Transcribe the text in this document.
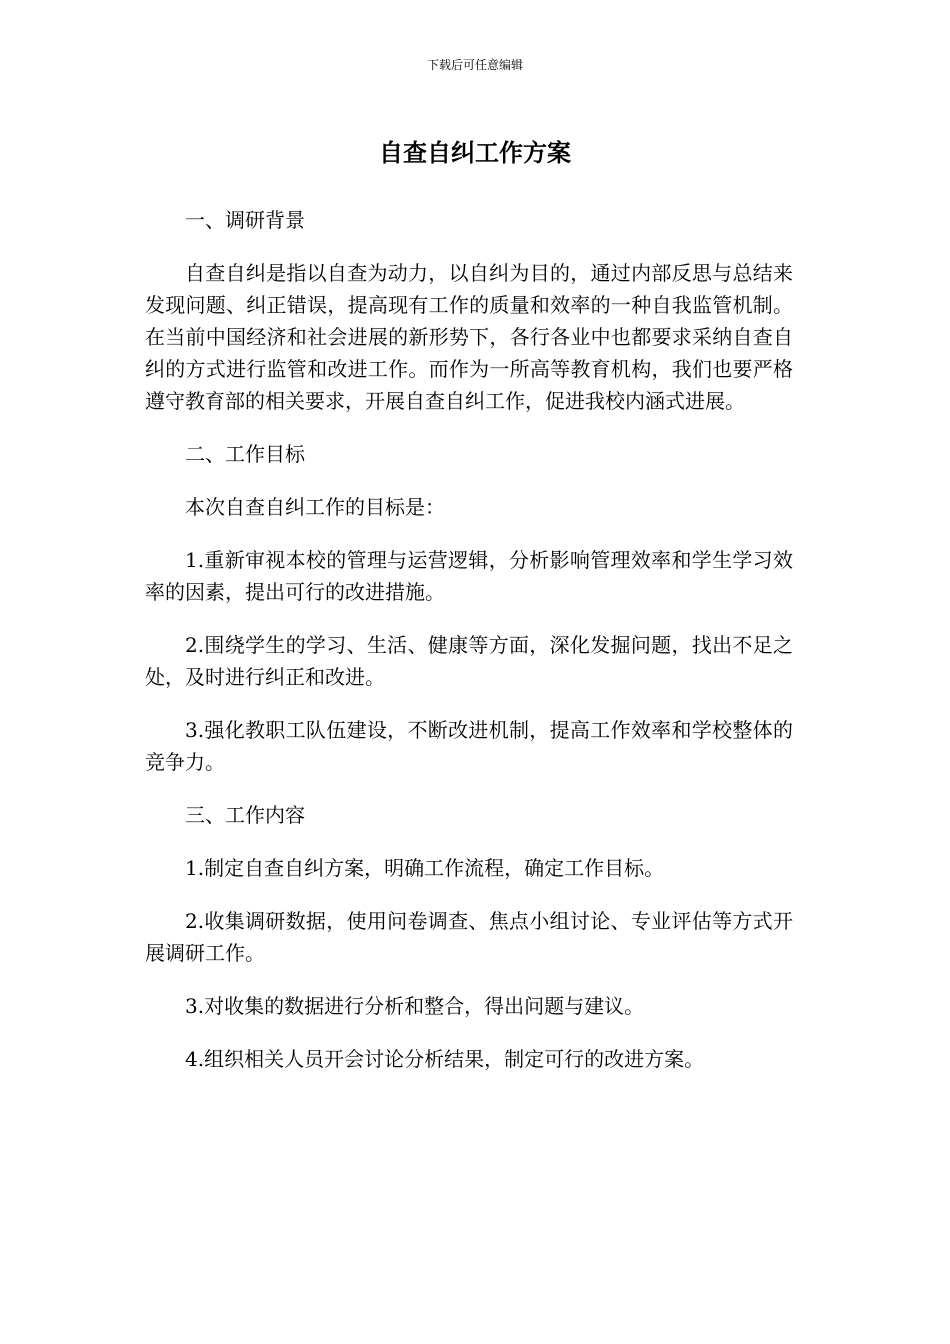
下载后可任意编辑
自查自纠工作方案

一、调研背景

自查自纠是指以自查为动力，以自纠为目的，通过内部反思与总结来发现问题、纠正错误，提高现有工作的质量和效率的一种自我监管机制。在当前中国经济和社会进展的新形势下，各行各业中也都要求采纳自查自纠的方式进行监管和改进工作。而作为一所高等教育机构，我们也要严格遵守教育部的相关要求，开展自查自纠工作，促进我校内涵式进展。

二、工作目标

本次自查自纠工作的目标是：

1.重新审视本校的管理与运营逻辑，分析影响管理效率和学生学习效率的因素，提出可行的改进措施。

2.围绕学生的学习、生活、健康等方面，深化发掘问题，找出不足之处，及时进行纠正和改进。

3.强化教职工队伍建设，不断改进机制，提高工作效率和学校整体的竞争力。

三、工作内容

1.制定自查自纠方案，明确工作流程，确定工作目标。

2.收集调研数据，使用问卷调查、焦点小组讨论、专业评估等方式开展调研工作。

3.对收集的数据进行分析和整合，得出问题与建议。

4.组织相关人员开会讨论分析结果，制定可行的改进方案。
